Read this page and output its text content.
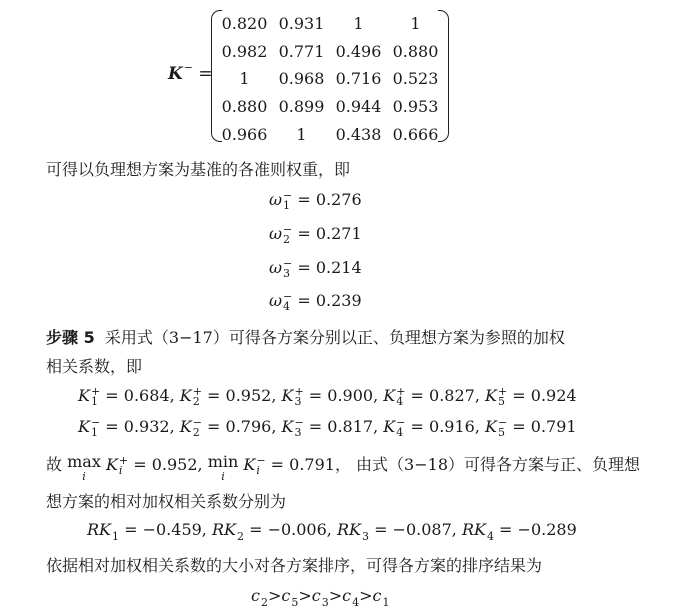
K− =
0.820 0.931	1	1
0.982 0.771 0.496 0.880
1	0.968 0.716 0.523
0.880 0.899 0.944 0.953
0.966	1	0.438 0.666
可得以负理想方案为基准的各准则权重，即
ω −
1 = 0.276
ω −
2 = 0.271
ω −
3 = 0.214
ω −
4 = 0.239
步骤 5 采用式（3−17）可得各方案分别以正、负理想方案为参照的加权
相关系数，即
K +
1 = 0.684, K +
2 = 0.952, K +
3 = 0.900, K +
4 = 0.827, K +
5 = 0.924
K −
1 = 0.932, K −
2 = 0.796, K −
3 = 0.817, K −
4 = 0.916, K −
5 = 0.791
故 max
$^i$ K +
i = 0.952, min
$^i$ K −
i = 0.791， 由式（3−18）可得各方案与正、负理想
想方案的相对加权相关系数分别为
$RK_1 = -0.459$, $RK_2 = -0.006$, $RK_3 = -0.087$, $RK_4 = -0.289$
依据相对加权相关系数的大小对各方案排序，可得各方案的排序结果为
$c_2>c_5>c_3>c_4>c_1$
